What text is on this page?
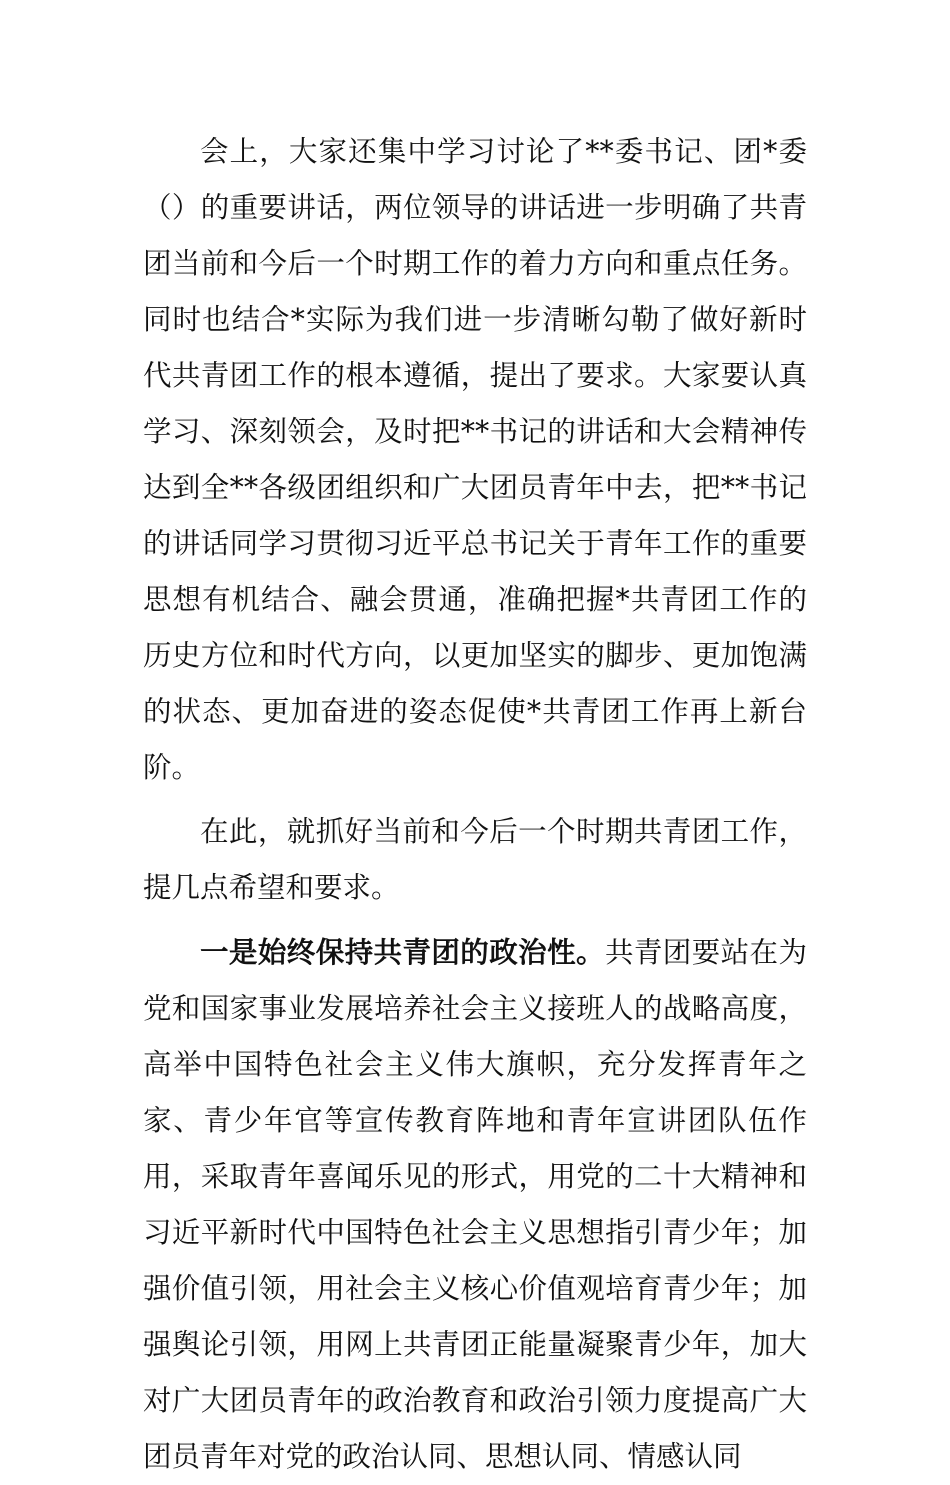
会上，大家还集中学习讨论了**委书记、团*委（）的重要讲话，两位领导的讲话进一步明确了共青团当前和今后一个时期工作的着力方向和重点任务。同时也结合*实际为我们进一步清晰勾勒了做好新时代共青团工作的根本遵循，提出了要求。大家要认真学习、深刻领会，及时把**书记的讲话和大会精神传达到全**各级团组织和广大团员青年中去，把**书记的讲话同学习贯彻习近平总书记关于青年工作的重要思想有机结合、融会贯通，准确把握*共青团工作的历史方位和时代方向，以更加坚实的脚步、更加饱满的状态、更加奋进的姿态促使*共青团工作再上新台阶。

在此，就抓好当前和今后一个时期共青团工作，提几点希望和要求。

一是始终保持共青团的政治性。共青团要站在为党和国家事业发展培养社会主义接班人的战略高度，高举中国特色社会主义伟大旗帜，充分发挥青年之家、青少年官等宣传教育阵地和青年宣讲团队伍作用，采取青年喜闻乐见的形式，用党的二十大精神和习近平新时代中国特色社会主义思想指引青少年；加强价值引领，用社会主义核心价值观培育青少年；加强舆论引领，用网上共青团正能量凝聚青少年，加大对广大团员青年的政治教育和政治引领力度提高广大团员青年对党的政治认同、思想认同、情感认同
